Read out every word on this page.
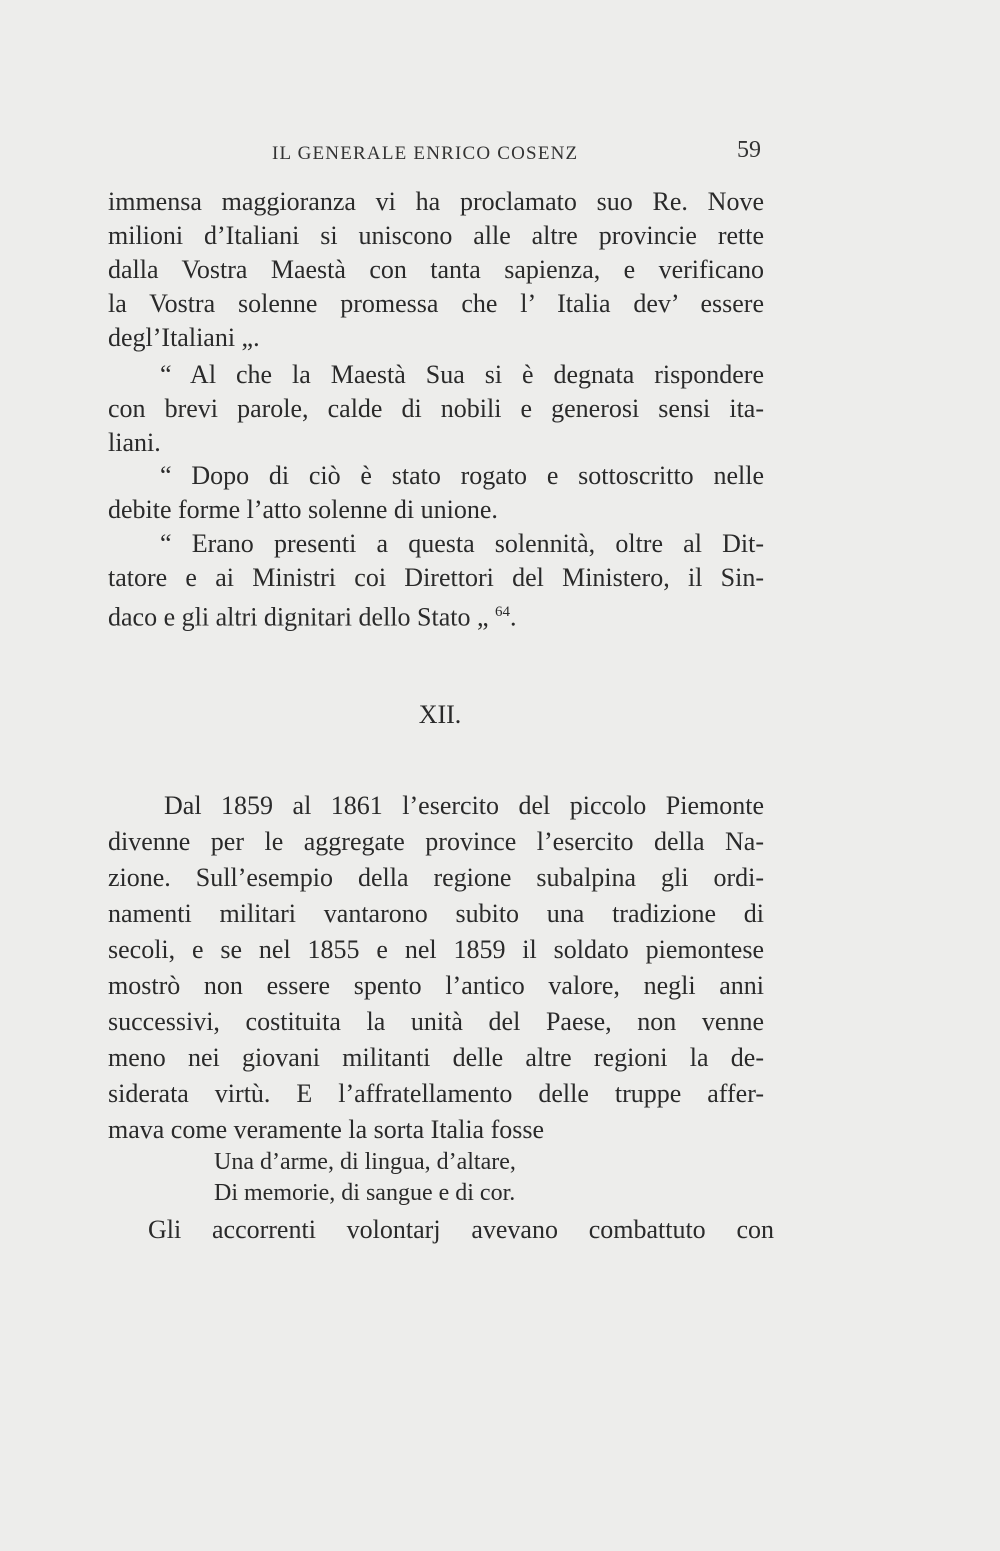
IL GENERALE ENRICO COSENZ	59
immensa maggioranza vi ha proclamato suo Re. Nove
milioni d’Italiani si uniscono alle altre provincie rette
dalla Vostra Maestà con tanta sapienza, e verificano
la Vostra solenne promessa che l’ Italia dev’ essere
degl’Italiani „.
“ Al che la Maestà Sua si è degnata rispondere
con brevi parole, calde di nobili e generosi sensi ita-
liani.
“ Dopo di ciò è stato rogato e sottoscritto nelle
debite forme l’atto solenne di unione.
“ Erano presenti a questa solennità, oltre al Dit-
tatore e ai Ministri coi Direttori del Ministero, il Sin-
daco e gli altri dignitari dello Stato „ $^{64}$.
XII.
Dal 1859 al 1861 l’esercito del piccolo Piemonte
divenne per le aggregate province l’esercito della Na-
zione. Sull’esempio della regione subalpina gli ordi-
namenti militari vantarono subito una tradizione di
secoli, e se nel 1855 e nel 1859 il soldato piemontese
mostrò non essere spento l’antico valore, negli anni
successivi, costituita la unità del Paese, non venne
meno nei giovani militanti delle altre regioni la de-
siderata virtù. E l’affratellamento delle truppe affer-
mava come veramente la sorta Italia fosse
Una d’arme, di lingua, d’altare,
Di memorie, di sangue e di cor.
Gli accorrenti volontarj avevano combattuto con
